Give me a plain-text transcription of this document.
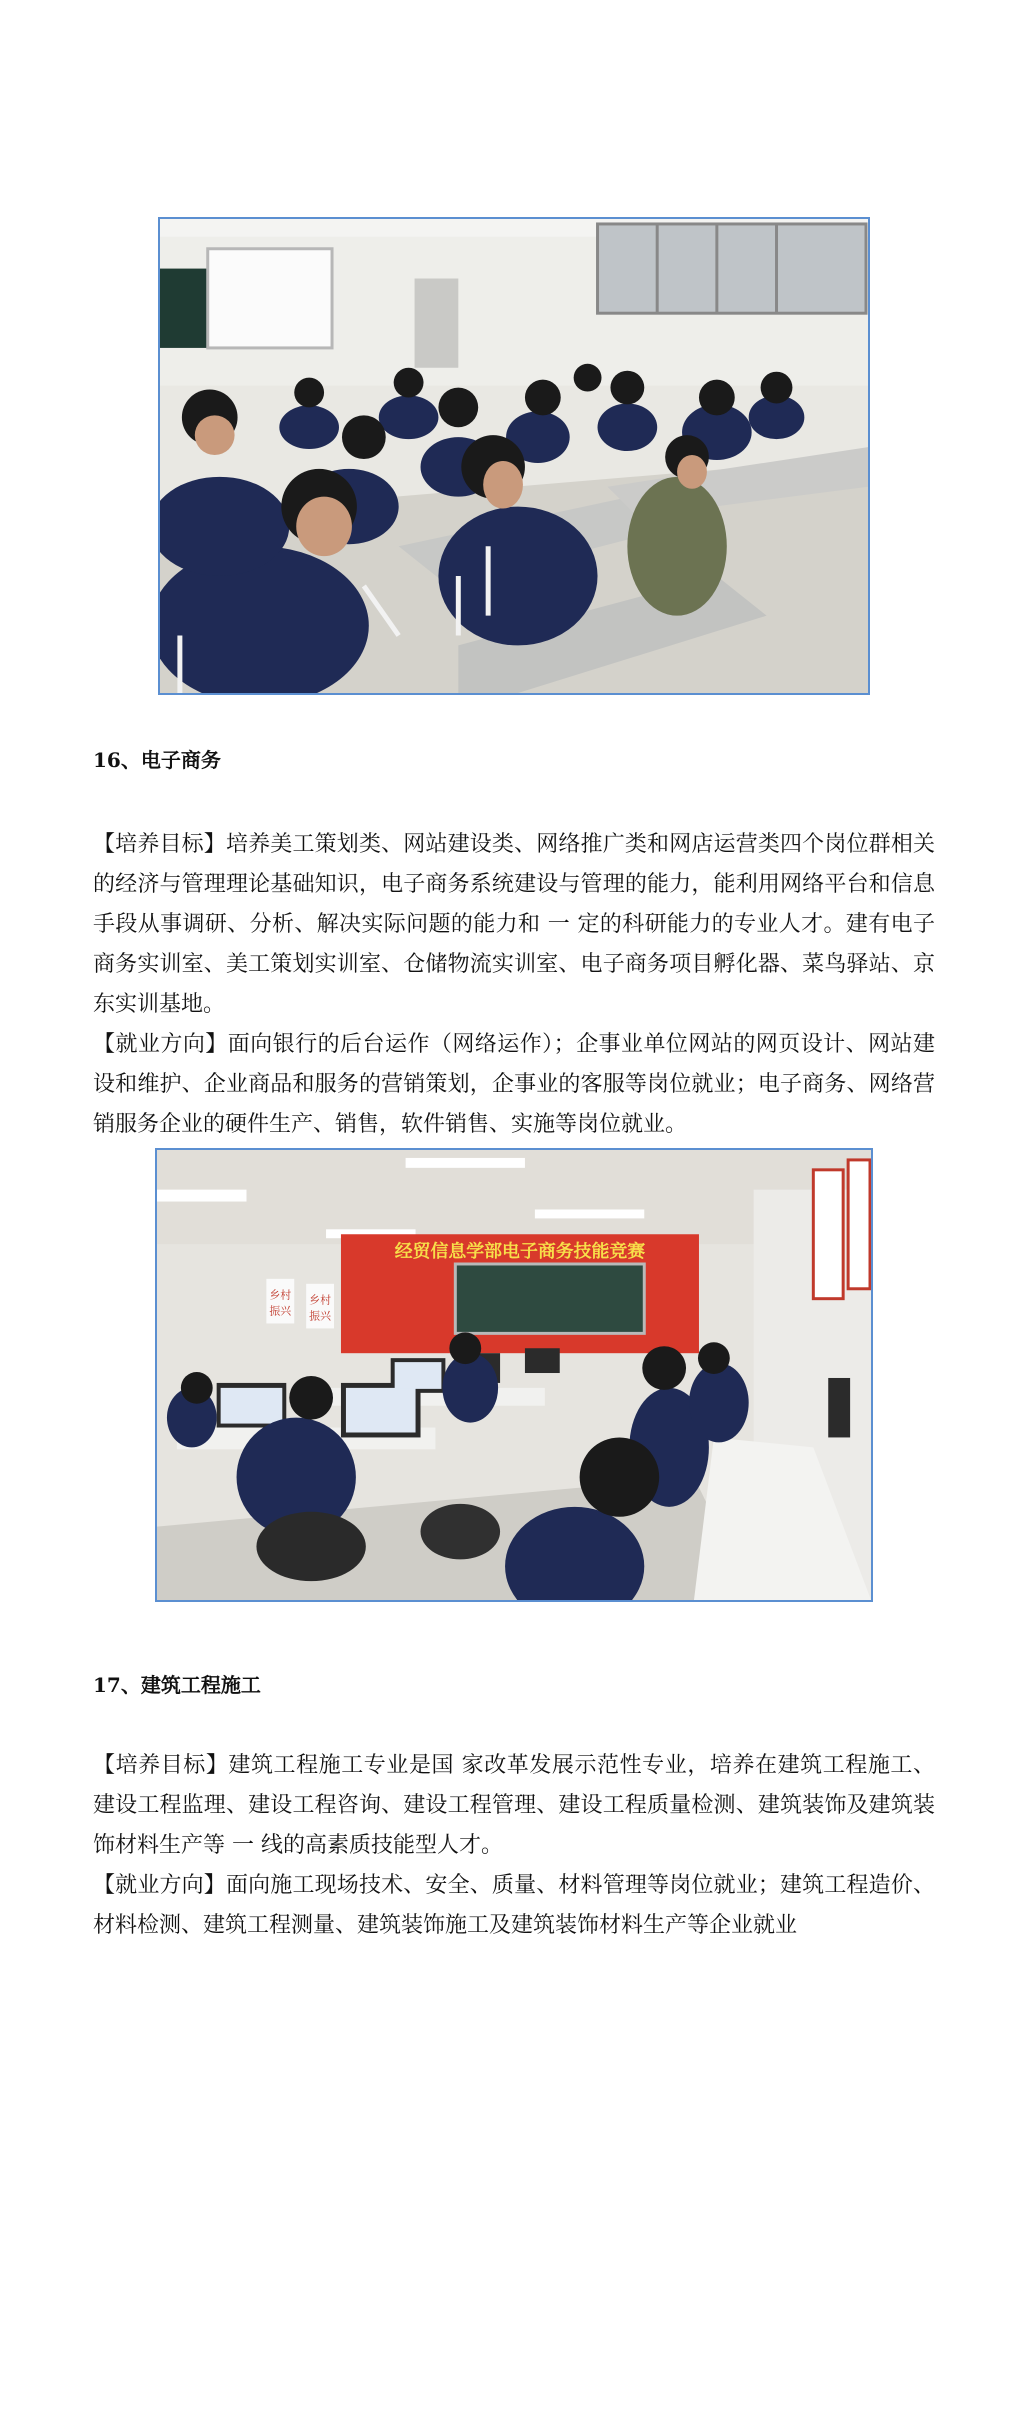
16、电子商务

【培养目标】培养美工策划类、网站建设类、网络推广类和网店运营类四个岗位群相关的经济与管理理论基础知识，电子商务系统建设与管理的能力，能利用网络平台和信息手段从事调研、分析、解决实际问题的能力和 一 定的科研能力的专业人才。建有电子商务实训室、美工策划实训室、仓储物流实训室、电子商务项目孵化器、菜鸟驿站、京东实训基地。

【就业方向】面向银行的后台运作（网络运作）；企事业单位网站的网页设计、网站建设和维护、企业商品和服务的营销策划，企事业的客服等岗位就业；电子商务、网络营销服务企业的硬件生产、销售，软件销售、实施等岗位就业。

经贸信息学部电子商务技能竞赛
乡村
振兴
乡村
振兴
17、建筑工程施工

【培养目标】建筑工程施工专业是国 家改革发展示范性专业，培养在建筑工程施工、建设工程监理、建设工程咨询、建设工程管理、建设工程质量检测、建筑装饰及建筑装饰材料生产等 一 线的高素质技能型人才。

【就业方向】面向施工现场技术、安全、质量、材料管理等岗位就业；建筑工程造价、材料检测、建筑工程测量、建筑装饰施工及建筑装饰材料生产等企业就业
